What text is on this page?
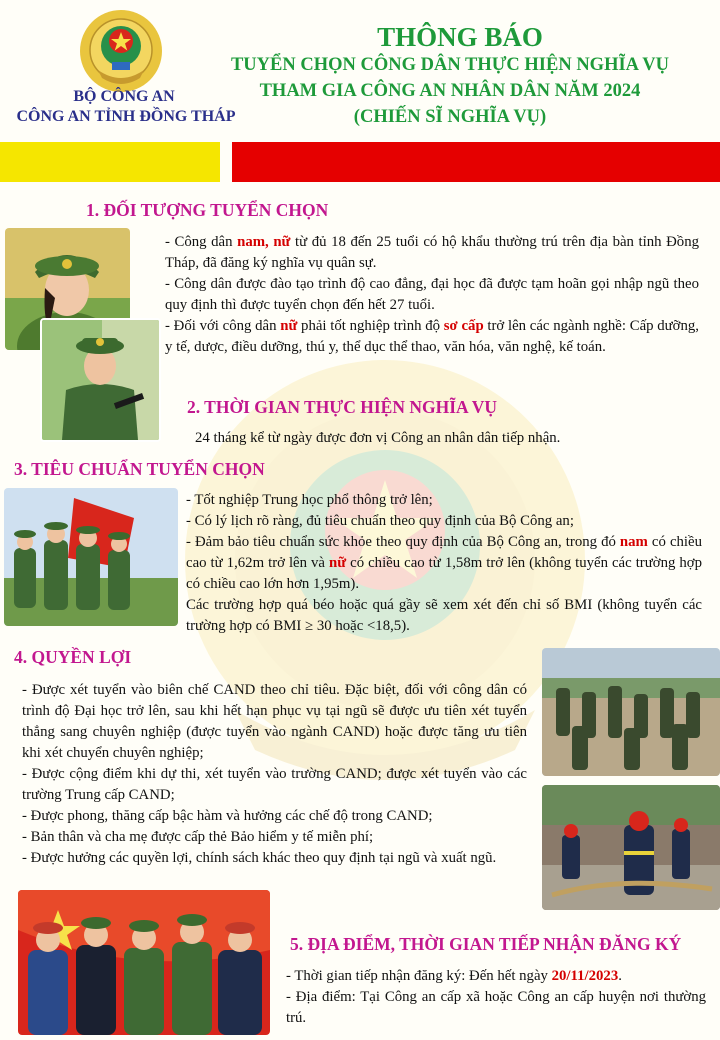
BỘ CÔNG AN
CÔNG AN TỈNH ĐỒNG THÁP
THÔNG BÁO
TUYỂN CHỌN CÔNG DÂN THỰC HIỆN NGHĨA VỤ
THAM GIA CÔNG AN NHÂN DÂN NĂM 2024
(CHIẾN SĨ NGHĨA VỤ)
1. ĐỐI TƯỢNG TUYỂN CHỌN
- Công dân nam, nữ từ đủ 18 đến 25 tuổi có hộ khẩu thường trú trên địa bàn tỉnh Đồng Tháp, đã đăng ký nghĩa vụ quân sự.
- Công dân được đào tạo trình độ cao đẳng, đại học đã được tạm hoãn gọi nhập ngũ theo quy định thì được tuyển chọn đến hết 27 tuổi.
- Đối với công dân nữ phải tốt nghiệp trình độ sơ cấp trở lên các ngành nghề: Cấp dưỡng, y tế, dược, điều dưỡng, thú y, thể dục thể thao, văn hóa, văn nghệ, kế toán.
2. THỜI GIAN THỰC HIỆN NGHĨA VỤ
24 tháng kể từ ngày được đơn vị Công an nhân dân tiếp nhận.
3. TIÊU CHUẨN TUYỂN CHỌN
- Tốt nghiệp Trung học phổ thông trở lên;
- Có lý lịch rõ ràng, đủ tiêu chuẩn theo quy định của Bộ Công an;
- Đảm bảo tiêu chuẩn sức khỏe theo quy định của Bộ Công an, trong đó nam có chiều cao từ 1,62m trở lên và nữ có chiều cao từ 1,58m trở lên (không tuyển các trường hợp có chiều cao lớn hơn 1,95m).
Các trường hợp quá béo hoặc quá gầy sẽ xem xét đến chỉ số BMI (không tuyển các trường hợp có BMI ≥ 30 hoặc <18,5).
4. QUYỀN LỢI
- Được xét tuyển vào biên chế CAND theo chỉ tiêu. Đặc biệt, đối với công dân có trình độ Đại học trở lên, sau khi hết hạn phục vụ tại ngũ sẽ được ưu tiên xét tuyển thẳng sang chuyên nghiệp (được tuyển vào ngành CAND) hoặc được tăng ưu tiên khi xét chuyển chuyên nghiệp;
- Được cộng điểm khi dự thi, xét tuyển vào trường CAND; được xét tuyển vào các trường Trung cấp CAND;
- Được phong, thăng cấp bậc hàm và hưởng các chế độ trong CAND;
- Bản thân và cha mẹ được cấp thẻ Bảo hiểm y tế miễn phí;
- Được hưởng các quyền lợi, chính sách khác theo quy định tại ngũ và xuất ngũ.
5. ĐỊA ĐIỂM, THỜI GIAN TIẾP NHẬN ĐĂNG KÝ
- Thời gian tiếp nhận đăng ký: Đến hết ngày 20/11/2023.
- Địa điểm: Tại Công an cấp xã hoặc Công an cấp huyện nơi thường trú.
